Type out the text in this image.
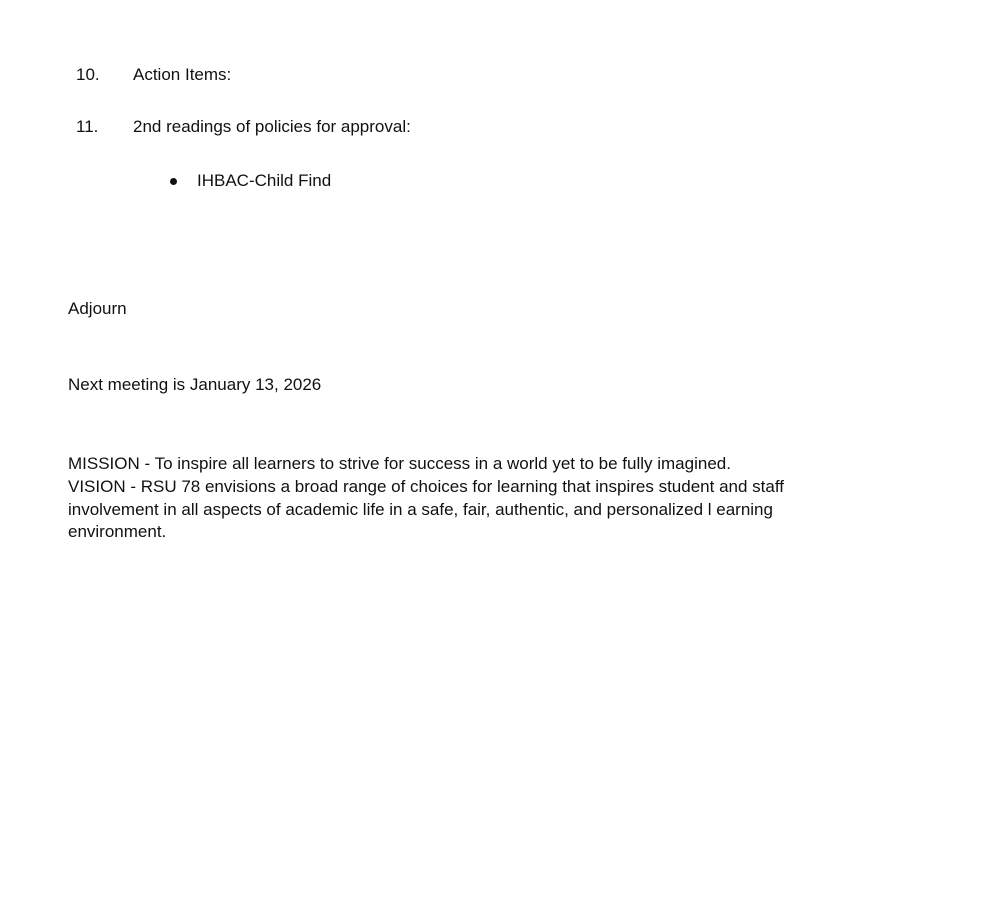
10. Action Items:
11. 2nd readings of policies for approval:
IHBAC-Child Find
Adjourn
Next meeting is January 13, 2026
MISSION - To inspire all learners to strive for success in a world yet to be fully imagined.
VISION - RSU 78 envisions a broad range of choices for learning that inspires student and staff
involvement in all aspects of academic life in a safe, fair, authentic, and personalized l earning
environment.
